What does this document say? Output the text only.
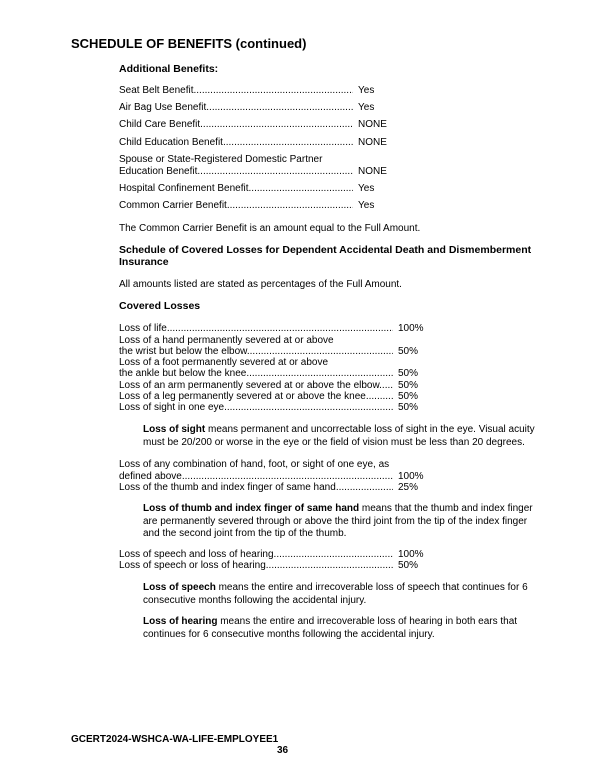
SCHEDULE OF BENEFITS (continued)
Additional Benefits:
Seat Belt Benefit .....	Yes
Air Bag Use Benefit .....	Yes
Child Care Benefit .....	NONE
Child Education Benefit .....	NONE
Spouse or State-Registered Domestic Partner
Education Benefit .....	NONE
Hospital Confinement Benefit .....	Yes
Common Carrier Benefit .....	Yes
The Common Carrier Benefit is an amount equal to the Full Amount.
Schedule of Covered Losses for Dependent Accidental Death and Dismemberment
Insurance
All amounts listed are stated as percentages of the Full Amount.
Covered Losses
Loss of life .....	100%
Loss of a hand permanently severed at or above
the wrist but below the elbow .....	50%
Loss of a foot permanently severed at or above
the ankle but below the knee .....	50%
Loss of an arm permanently severed at or above the elbow .....	50%
Loss of a leg permanently severed at or above the knee .....	50%
Loss of sight in one eye .....	50%
Loss of sight means permanent and uncorrectable loss of sight in the eye. Visual acuity must be 20/200 or worse in the eye or the field of vision must be less than 20 degrees.
Loss of any combination of hand, foot, or sight of one eye, as
defined above .....	100%
Loss of the thumb and index finger of same hand .....	25%
Loss of thumb and index finger of same hand means that the thumb and index finger are permanently severed through or above the third joint from the tip of the index finger and the second joint from the tip of the thumb.
Loss of speech and loss of hearing .....	100%
Loss of speech or loss of hearing .....	50%
Loss of speech means the entire and irrecoverable loss of speech that continues for 6 consecutive months following the accidental injury.
Loss of hearing means the entire and irrecoverable loss of hearing in both ears that continues for 6 consecutive months following the accidental injury.
GCERT2024-WSHCA-WA-LIFE-EMPLOYEE1
36
